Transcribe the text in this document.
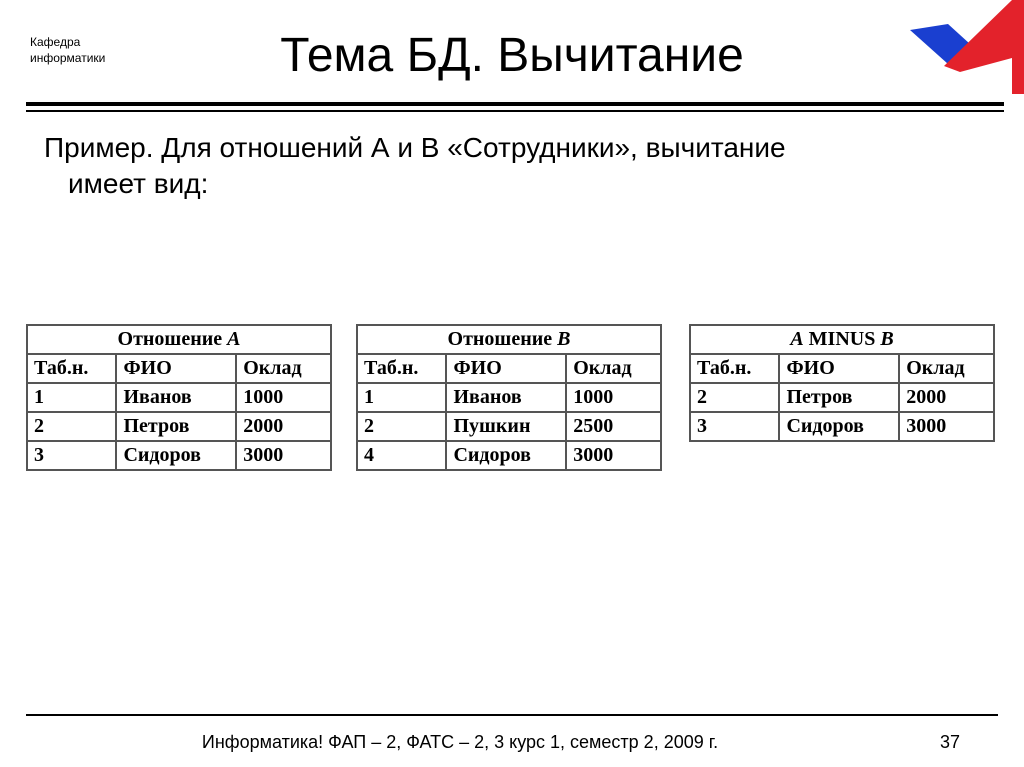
Кафедра
информатики	Тема БД. Вычитание	УГАТУ
Пример. Для отношений А и В «Сотрудники», вычитание
имеет вид:
Отношение A
Таб.н.	ФИО	Оклад
1	Иванов	1000
2	Петров	2000
3	Сидоров	3000
Отношение B
Таб.н.	ФИО	Оклад
1	Иванов	1000
2	Пушкин	2500
4	Сидоров	3000
A MINUS B
Таб.н.	ФИО	Оклад
2	Петров	2000
3	Сидоров	3000
Информатика! ФАП – 2, ФАТС – 2, 3 курс 1, семестр 2, 2009 г.	37
